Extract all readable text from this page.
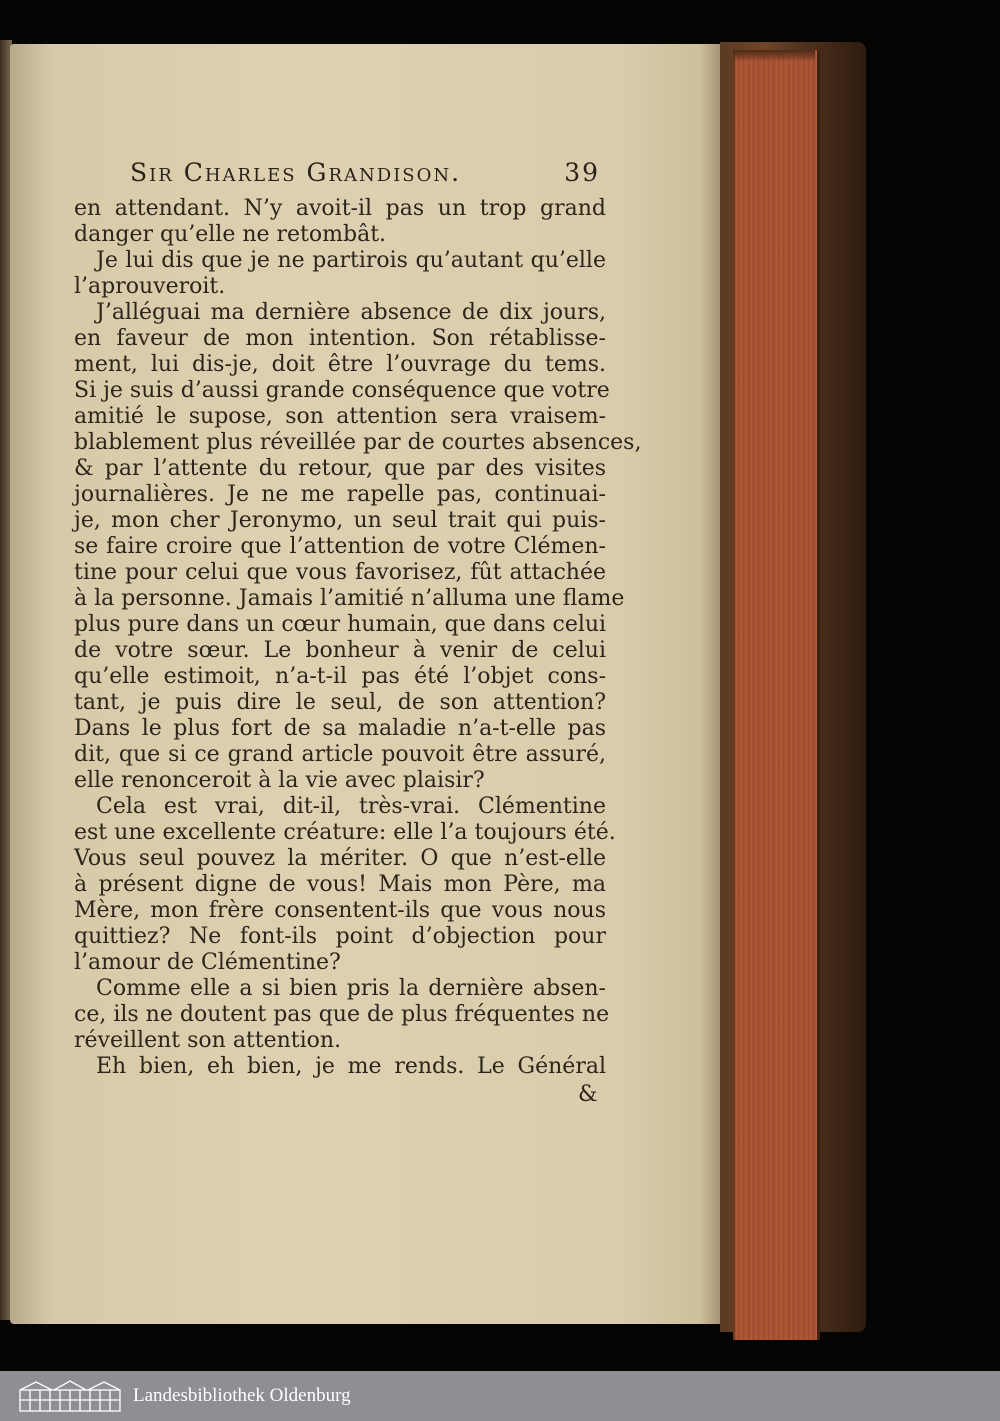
Sir Charles Grandison.	39
en attendant. N’y avoit-il pas un trop grand
danger qu’elle ne retombât.
Je lui dis que je ne partirois qu’autant qu’elle
l’aprouveroit.
J’alléguai ma dernière absence de dix jours,
en faveur de mon intention. Son rétablisse-
ment, lui dis-je, doit être l’ouvrage du tems.
Si je suis d’aussi grande conséquence que votre
amitié le supose, son attention sera vraisem-
blablement plus réveillée par de courtes absences,
& par l’attente du retour, que par des visites
journalières. Je ne me rapelle pas, continuai-
je, mon cher Jeronymo, un seul trait qui puis-
se faire croire que l’attention de votre Clémen-
tine pour celui que vous favorisez, fût attachée
à la personne. Jamais l’amitié n’alluma une flame
plus pure dans un cœur humain, que dans celui
de votre sœur. Le bonheur à venir de celui
qu’elle estimoit, n’a-t-il pas été l’objet cons-
tant, je puis dire le seul, de son attention?
Dans le plus fort de sa maladie n’a-t-elle pas
dit, que si ce grand article pouvoit être assuré,
elle renonceroit à la vie avec plaisir?
Cela est vrai, dit-il, très-vrai. Clémentine
est une excellente créature: elle l’a toujours été.
Vous seul pouvez la mériter. O que n’est-elle
à présent digne de vous! Mais mon Père, ma
Mère, mon frère consentent-ils que vous nous
quittiez? Ne font-ils point d’objection pour
l’amour de Clémentine?
Comme elle a si bien pris la dernière absen-
ce, ils ne doutent pas que de plus fréquentes ne
réveillent son attention.
Eh bien, eh bien, je me rends. Le Général
&
Landesbibliothek Oldenburg
